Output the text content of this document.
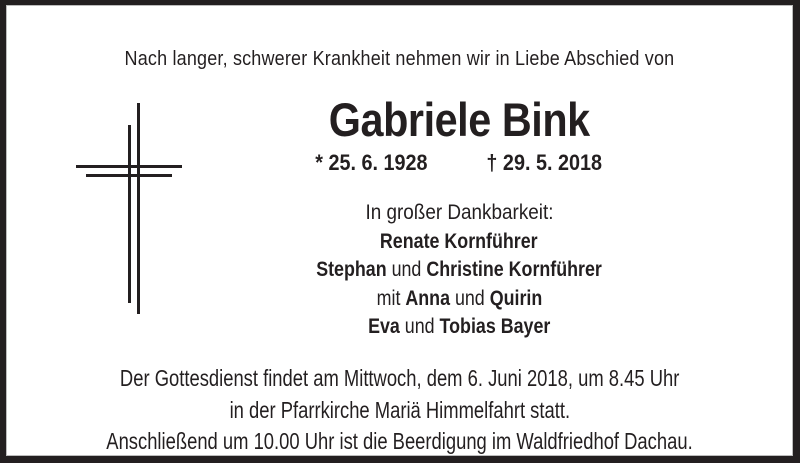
Nach langer, schwerer Krankheit nehmen wir in Liebe Abschied von

Gabriele Bink
* 25. 6. 1928	† 29. 5. 2018

In großer Dankbarkeit:

Renate Kornführer

Stephan und Christine Kornführer

mit Anna und Quirin

Eva und Tobias Bayer

Der Gottesdienst findet am Mittwoch, dem 6. Juni 2018, um 8.45 Uhr

in der Pfarrkirche Mariä Himmelfahrt statt.

Anschließend um 10.00 Uhr ist die Beerdigung im Waldfriedhof Dachau.
